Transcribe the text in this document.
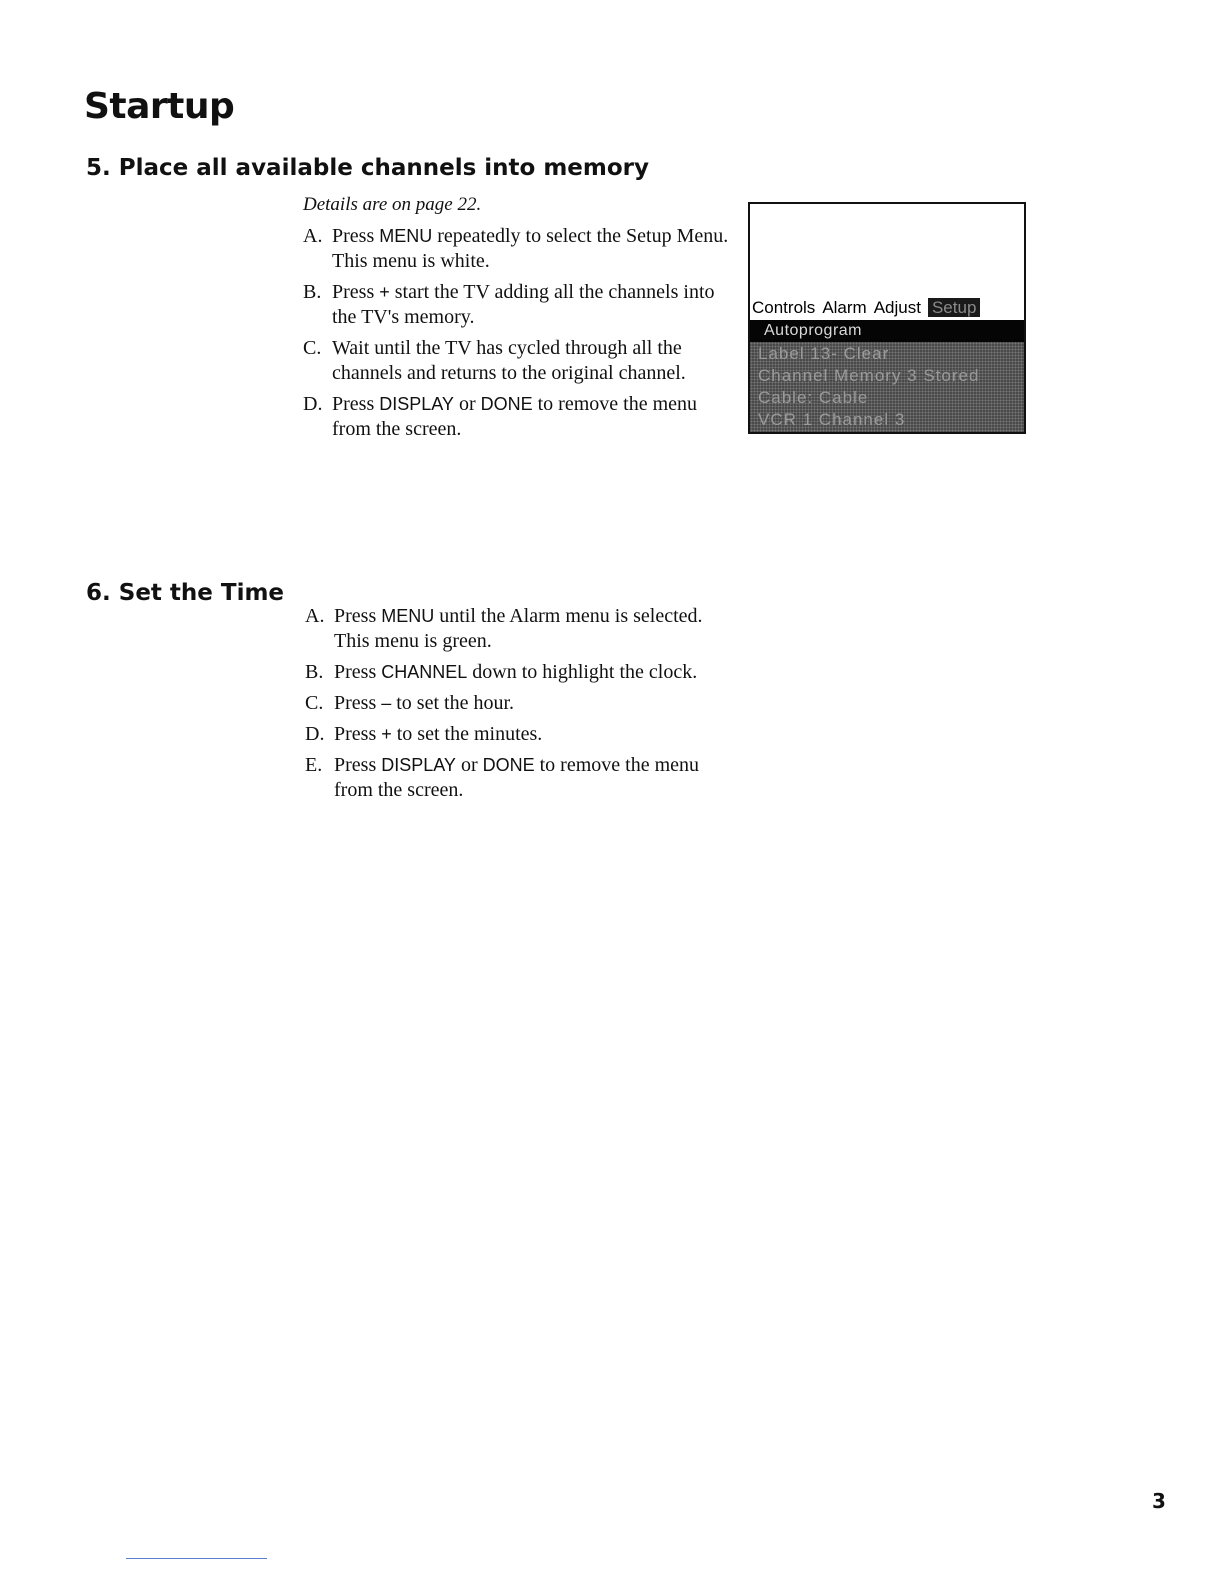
Startup
5. Place all available channels into memory
Details are on page 22.
A. Press MENU repeatedly to select the Setup Menu. This menu is white.
B. Press + start the TV adding all the channels into the TV's memory.
C. Wait until the TV has cycled through all the channels and returns to the original channel.
D. Press DISPLAY or DONE to remove the menu from the screen.
Controls Alarm Adjust Setup
Autoprogram
Label 13- Clear
Channel Memory 3 Stored
Cable: Cable
VCR 1 Channel 3
6. Set the Time
A. Press MENU until the Alarm menu is selected. This menu is green.
B. Press CHANNEL down to highlight the clock.
C. Press – to set the hour.
D. Press + to set the minutes.
E. Press DISPLAY or DONE to remove the menu from the screen.
3
